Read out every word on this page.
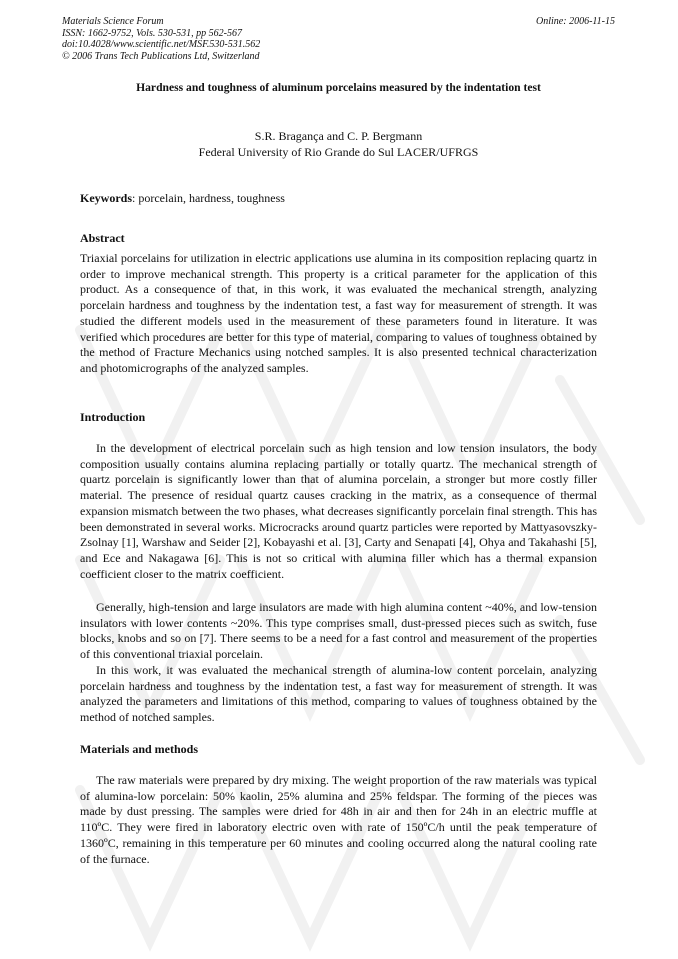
Materials Science Forum
ISSN: 1662-9752, Vols. 530-531, pp 562-567
doi:10.4028/www.scientific.net/MSF.530-531.562
© 2006 Trans Tech Publications Ltd, Switzerland
Online: 2006-11-15
Hardness and toughness of aluminum porcelains measured by the indentation test
S.R. Bragança and C. P. Bergmann
Federal University of Rio Grande do Sul LACER/UFRGS
Keywords: porcelain, hardness, toughness
Abstract

Triaxial porcelains for utilization in electric applications use alumina in its composition replacing quartz in order to improve mechanical strength. This property is a critical parameter for the application of this product. As a consequence of that, in this work, it was evaluated the mechanical strength, analyzing porcelain hardness and toughness by the indentation test, a fast way for measurement of strength. It was studied the different models used in the measurement of these parameters found in literature. It was verified which procedures are better for this type of material, comparing to values of toughness obtained by the method of Fracture Mechanics using notched samples. It is also presented technical characterization and photomicrographs of the analyzed samples.

Introduction

In the development of electrical porcelain such as high tension and low tension insulators, the body composition usually contains alumina replacing partially or totally quartz. The mechanical strength of quartz porcelain is significantly lower than that of alumina porcelain, a stronger but more costly filler material. The presence of residual quartz causes cracking in the matrix, as a consequence of thermal expansion mismatch between the two phases, what decreases significantly porcelain final strength. This has been demonstrated in several works. Microcracks around quartz particles were reported by Mattyasovszky-Zsolnay [1], Warshaw and Seider [2], Kobayashi et al. [3], Carty and Senapati [4], Ohya and Takahashi [5], and Ece and Nakagawa [6]. This is not so critical with alumina filler which has a thermal expansion coefficient closer to the matrix coefficient.

Generally, high-tension and large insulators are made with high alumina content ~40%, and low-tension insulators with lower contents ~20%. This type comprises small, dust-pressed pieces such as switch, fuse blocks, knobs and so on [7]. There seems to be a need for a fast control and measurement of the properties of this conventional triaxial porcelain.

In this work, it was evaluated the mechanical strength of alumina-low content porcelain, analyzing porcelain hardness and toughness by the indentation test, a fast way for measurement of strength. It was analyzed the parameters and limitations of this method, comparing to values of toughness obtained by the method of notched samples.

Materials and methods

The raw materials were prepared by dry mixing. The weight proportion of the raw materials was typical of alumina-low porcelain: 50% kaolin, 25% alumina and 25% feldspar. The forming of the pieces was made by dust pressing. The samples were dried for 48h in air and then for 24h in an electric muffle at 110ºC. They were fired in laboratory electric oven with rate of 150ºC/h until the peak temperature of 1360ºC, remaining in this temperature per 60 minutes and cooling occurred along the natural cooling rate of the furnace.
